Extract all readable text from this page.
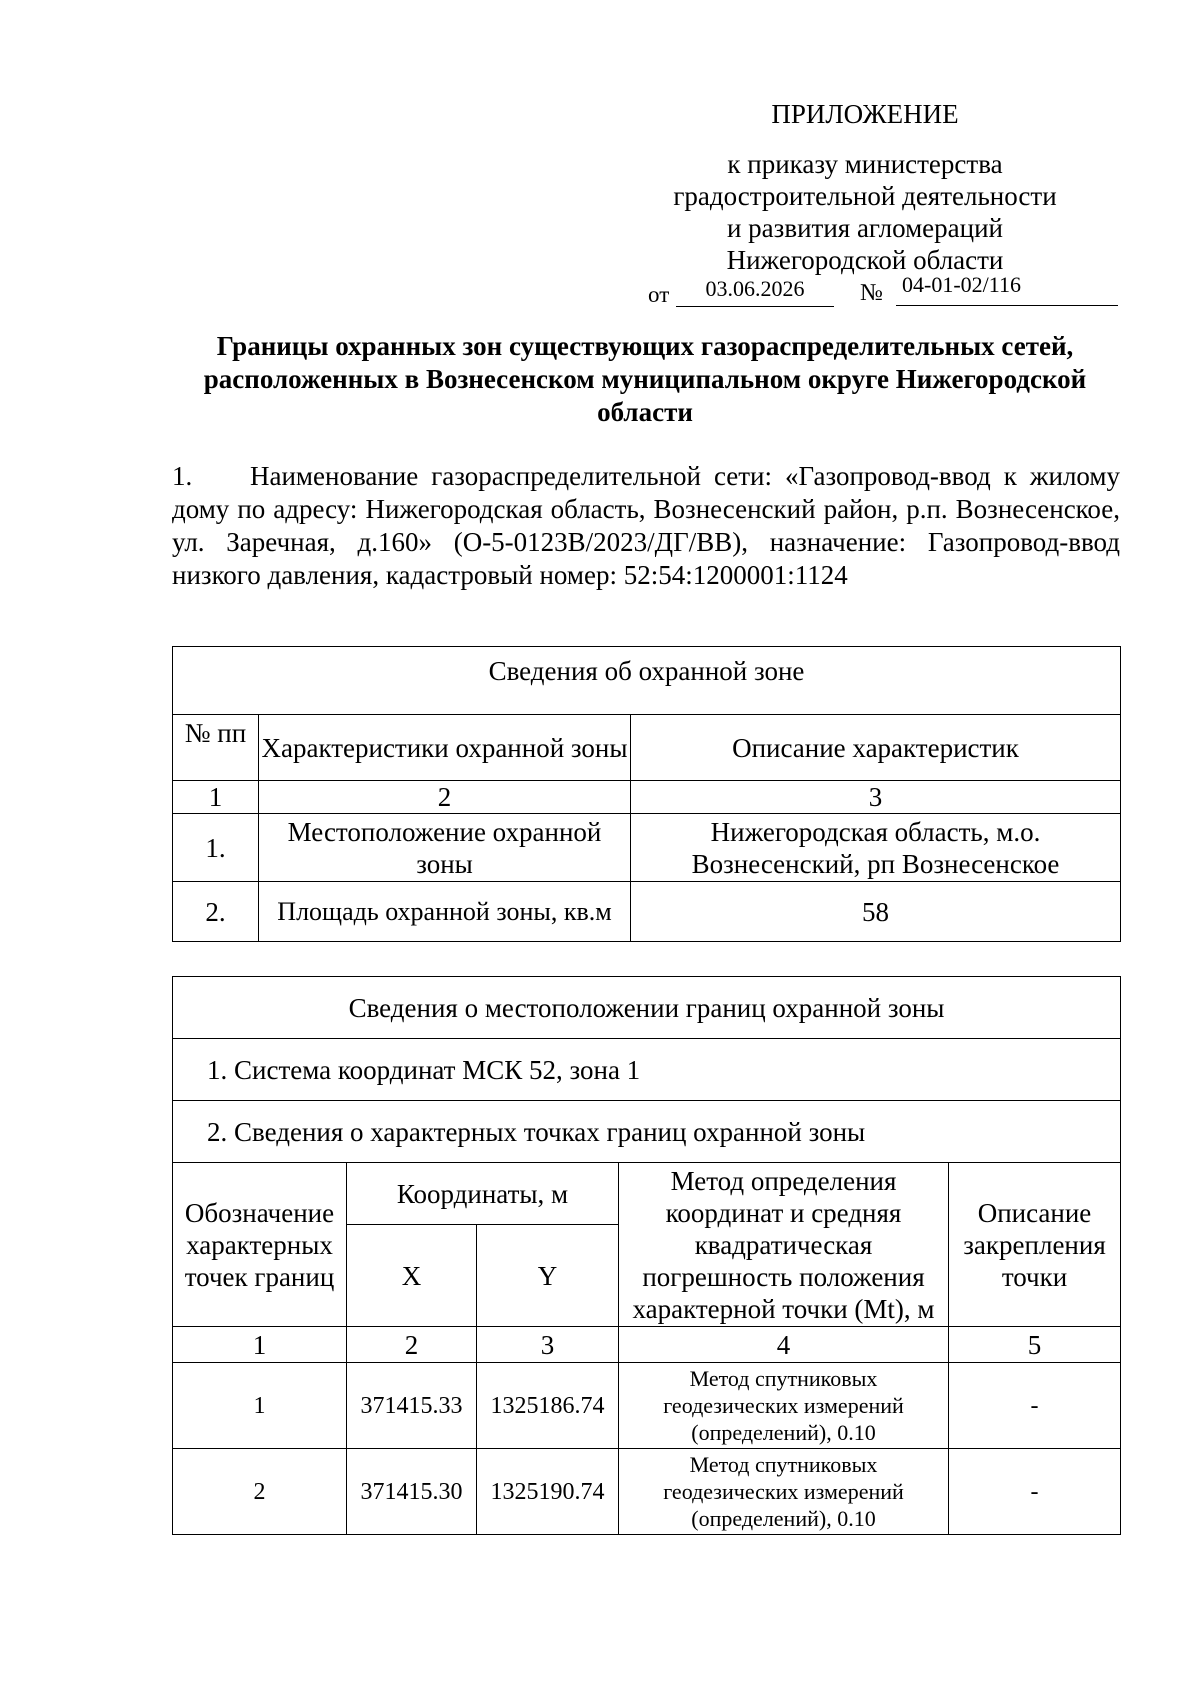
ПРИЛОЖЕНИЕ
к приказу министерства
градостроительной деятельности
и развития агломераций
Нижегородской области
от	03.06.2026	№ 04-01-02/116
Границы охранных зон существующих газораспределительных сетей, расположенных в Вознесенском муниципальном округе Нижегородской области
1. Наименование газораспределительной сети: «Газопровод-ввод к жилому дому по адресу: Нижегородская область, Вознесенский район, р.п. Вознесенское, ул. Заречная, д.160» (О-5-0123В/2023/ДГ/ВВ), назначение: Газопровод-ввод низкого давления, кадастровый номер: 52:54:1200001:1124
Сведения об охранной зоне		
№ пп	Характеристики охранной зоны	Описание характеристик
1	2	3
1.	Местоположение охранной зоны	Нижегородская область, м.о. Вознесенский, рп Вознесенское
2.	Площадь охранной зоны, кв.м	58
Сведения о местоположении границ охранной зоны				
1. Система координат МСК 52, зона 1				
2. Сведения о характерных точках границ охранной зоны				
Обозначение характерных точек границ	Координаты, м		Метод определения координат и средняя квадратическая погрешность положения характерной точки (Mt), м	Описание закрепления точки
	X	Y		
1	2	3	4	5
1	371415.33	1325186.74	Метод спутниковых геодезических измерений (определений), 0.10	-
2	371415.30	1325190.74	Метод спутниковых геодезических измерений (определений), 0.10	-
